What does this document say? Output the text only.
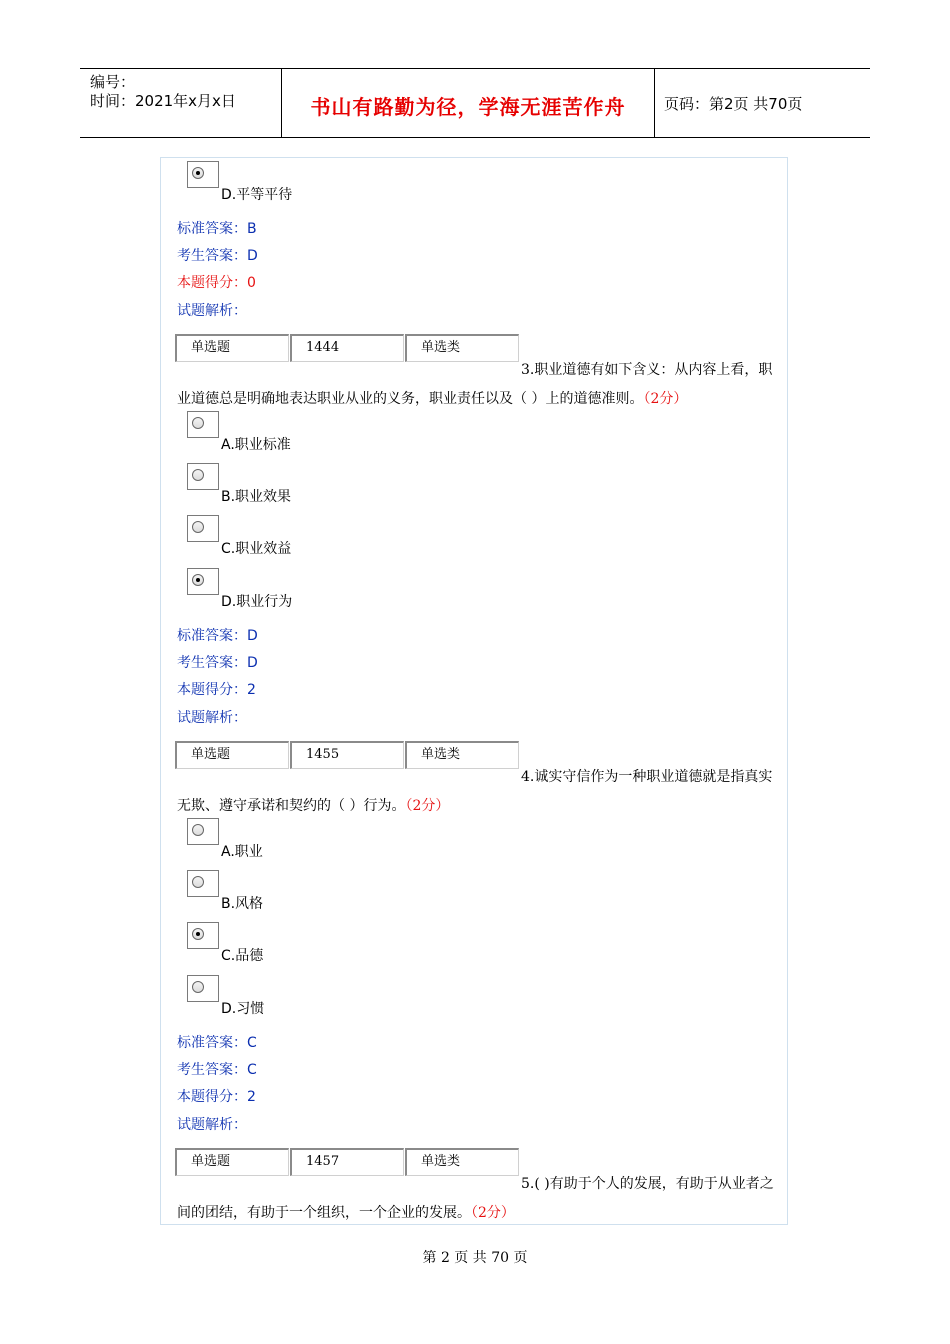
编号：
时间：2021年x月x日	书山有路勤为径，学海无涯苦作舟	页码：第2页 共70页
D.平等平待
标准答案：B
考生答案：D
本题得分：0
试题解析：
单选题	1444	单选类
3.职业道德有如下含义：从内容上看，职
业道德总是明确地表达职业从业的义务，职业责任以及（ ）上的道德准则。（2分）
A.职业标准
B.职业效果
C.职业效益
D.职业行为
标准答案：D
考生答案：D
本题得分：2
试题解析：
单选题	1455	单选类
4.诚实守信作为一种职业道德就是指真实
无欺、遵守承诺和契约的（ ）行为。（2分）
A.职业
B.风格
C.品德
D.习惯
标准答案：C
考生答案：C
本题得分：2
试题解析：
单选题	1457	单选类
5.( )有助于个人的发展，有助于从业者之
间的团结，有助于一个组织，一个企业的发展。（2分）
第 2 页 共 70 页
